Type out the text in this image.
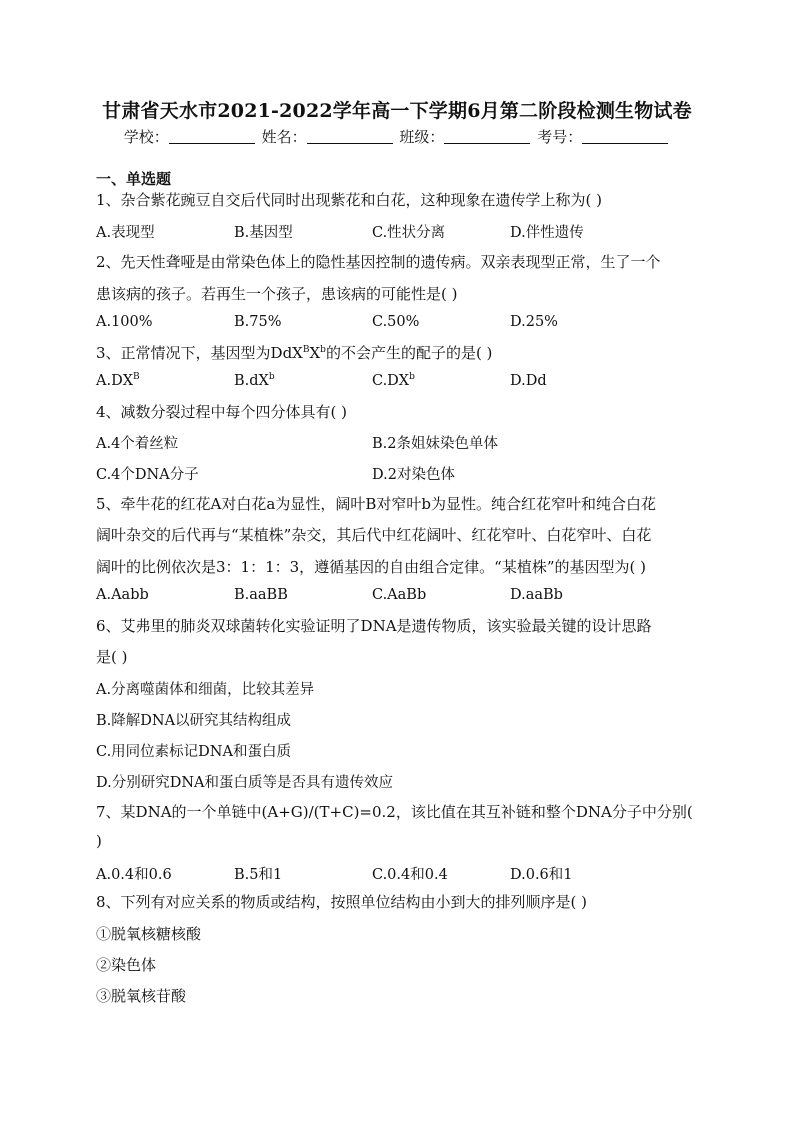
甘肃省天水市2021-2022学年高一下学期6月第二阶段检测生物试卷
学校：	姓名：	班级：	考号：
一、单选题
1、杂合紫花豌豆自交后代同时出现紫花和白花，这种现象在遗传学上称为( )
A.表现型	B.基因型	C.性状分离	D.伴性遗传
2、先天性聋哑是由常染色体上的隐性基因控制的遗传病。双亲表现型正常，生了一个
患该病的孩子。若再生一个孩子，患该病的可能性是( )
A.100%	B.75%	C.50%	D.25%
3、正常情况下，基因型为$DdX^BX^b$的不会产生的配子的是( )
$A.DX^B$	$B.dX^b$	$C.DX^b$	D.Dd
4、减数分裂过程中每个四分体具有( )
A.4个着丝粒	B.2条姐妹染色单体
C.4个DNA分子	D.2对染色体
5、牵牛花的红花A对白花a为显性，阔叶B对窄叶b为显性。纯合红花窄叶和纯合白花
阔叶杂交的后代再与“某植株”杂交，其后代中红花阔叶、红花窄叶、白花窄叶、白花
阔叶的比例依次是3：1：1：3，遵循基因的自由组合定律。“某植株”的基因型为( )
A.Aabb	B.aaBB	C.AaBb	D.aaBb
6、艾弗里的肺炎双球菌转化实验证明了DNA是遗传物质，该实验最关键的设计思路
是( )
A.分离噬菌体和细菌，比较其差异
B.降解DNA以研究其结构组成
C.用同位素标记DNA和蛋白质
D.分别研究DNA和蛋白质等是否具有遗传效应
7、某DNA的一个单链中(A+G)/(T+C)=0.2，该比值在其互补链和整个DNA分子中分别(
)
A.0.4和0.6	B.5和1	C.0.4和0.4	D.0.6和1
8、下列有对应关系的物质或结构，按照单位结构由小到大的排列顺序是( )
①脱氧核糖核酸
②染色体
③脱氧核苷酸
